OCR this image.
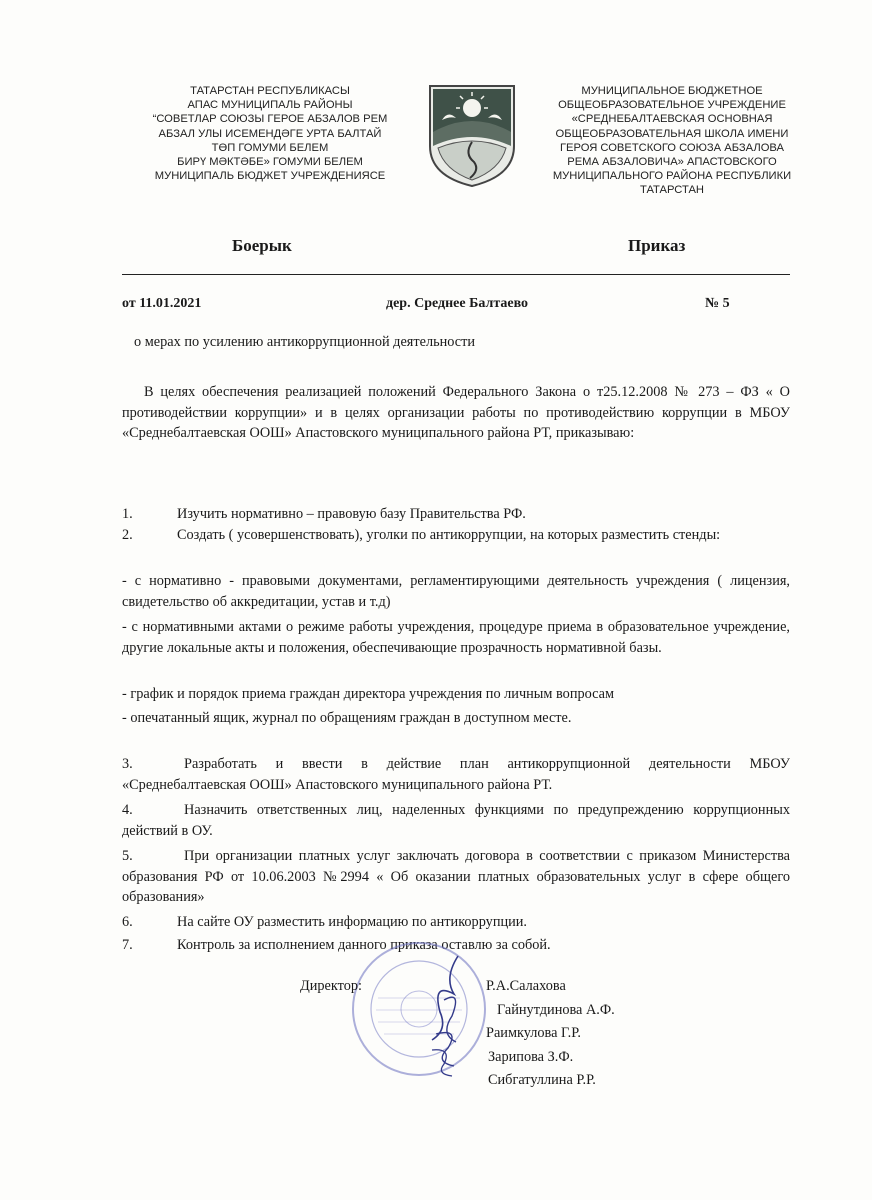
ТАТАРСТАН РЕСПУБЛИКАСЫ
АПАС МУНИЦИПАЛЬ РАЙОНЫ
“СОВЕТЛАР СОЮЗЫ ГЕРОЕ АБЗАЛОВ РЕМ
АБЗАЛ УЛЫ ИСЕМЕНДӘГЕ УРТА БАЛТАЙ
ТӨП ГОМУМИ БЕЛЕМ
БИРҮ МӘКТӘБЕ» ГОМУМИ БЕЛЕМ
МУНИЦИПАЛЬ БЮДЖЕТ УЧРЕЖДЕНИЯСЕ
МУНИЦИПАЛЬНОЕ БЮДЖЕТНОЕ
ОБЩЕОБРАЗОВАТЕЛЬНОЕ УЧРЕЖДЕНИЕ
«СРЕДНЕБАЛТАЕВСКАЯ ОСНОВНАЯ
ОБЩЕОБРАЗОВАТЕЛЬНАЯ ШКОЛА ИМЕНИ
ГЕРОЯ СОВЕТСКОГО СОЮЗА АБЗАЛОВА
РЕМА АБЗАЛОВИЧА» АПАСТОВСКОГО
МУНИЦИПАЛЬНОГО РАЙОНА РЕСПУБЛИКИ
ТАТАРСТАН
Боерык	Приказ
от 11.01.2021	дер. Среднее Балтаево	№ 5
о мерах по усилению антикоррупционной деятельности
В целях обеспечения реализацией положений Федерального Закона о т25.12.2008 № 273 – ФЗ « О противодействии коррупции» и в целях организации работы по противодействию коррупции в МБОУ «Среднебалтаевская ООШ» Апастовского муниципального района РТ, приказываю:
1.	Изучить нормативно – правовую базу Правительства РФ.
2.	Создать ( усовершенствовать), уголки по антикоррупции, на которых разместить стенды:
- с нормативно - правовыми документами, регламентирующими деятельность учреждения ( лицензия, свидетельство об аккредитации, устав и т.д)
- с нормативными актами о режиме работы учреждения, процедуре приема в образовательное учреждение, другие локальные акты и положения, обеспечивающие прозрачность нормативной базы.
- график и порядок приема граждан директора учреждения по личным вопросам
- опечатанный ящик, журнал по обращениям граждан в доступном месте.
3.	Разработать и ввести в действие план антикоррупционной деятельности МБОУ «Среднебалтаевская ООШ» Апастовского муниципального района РТ.
4.	Назначить ответственных лиц, наделенных функциями по предупреждению коррупционных действий в ОУ.
5.	При организации платных услуг заключать договора в соответствии с приказом Министерства образования РФ от 10.06.2003 №2994 « Об оказании платных образовательных услуг в сфере общего образования»
6.	На сайте ОУ разместить информацию по антикоррупции.
7.	Контроль за исполнением данного приказа оставлю за собой.
Директор:	Р.А.Салахова
Гайнутдинова А.Ф.
Раимкулова Г.Р.
Зарипова З.Ф.
Сибгатуллина Р.Р.
